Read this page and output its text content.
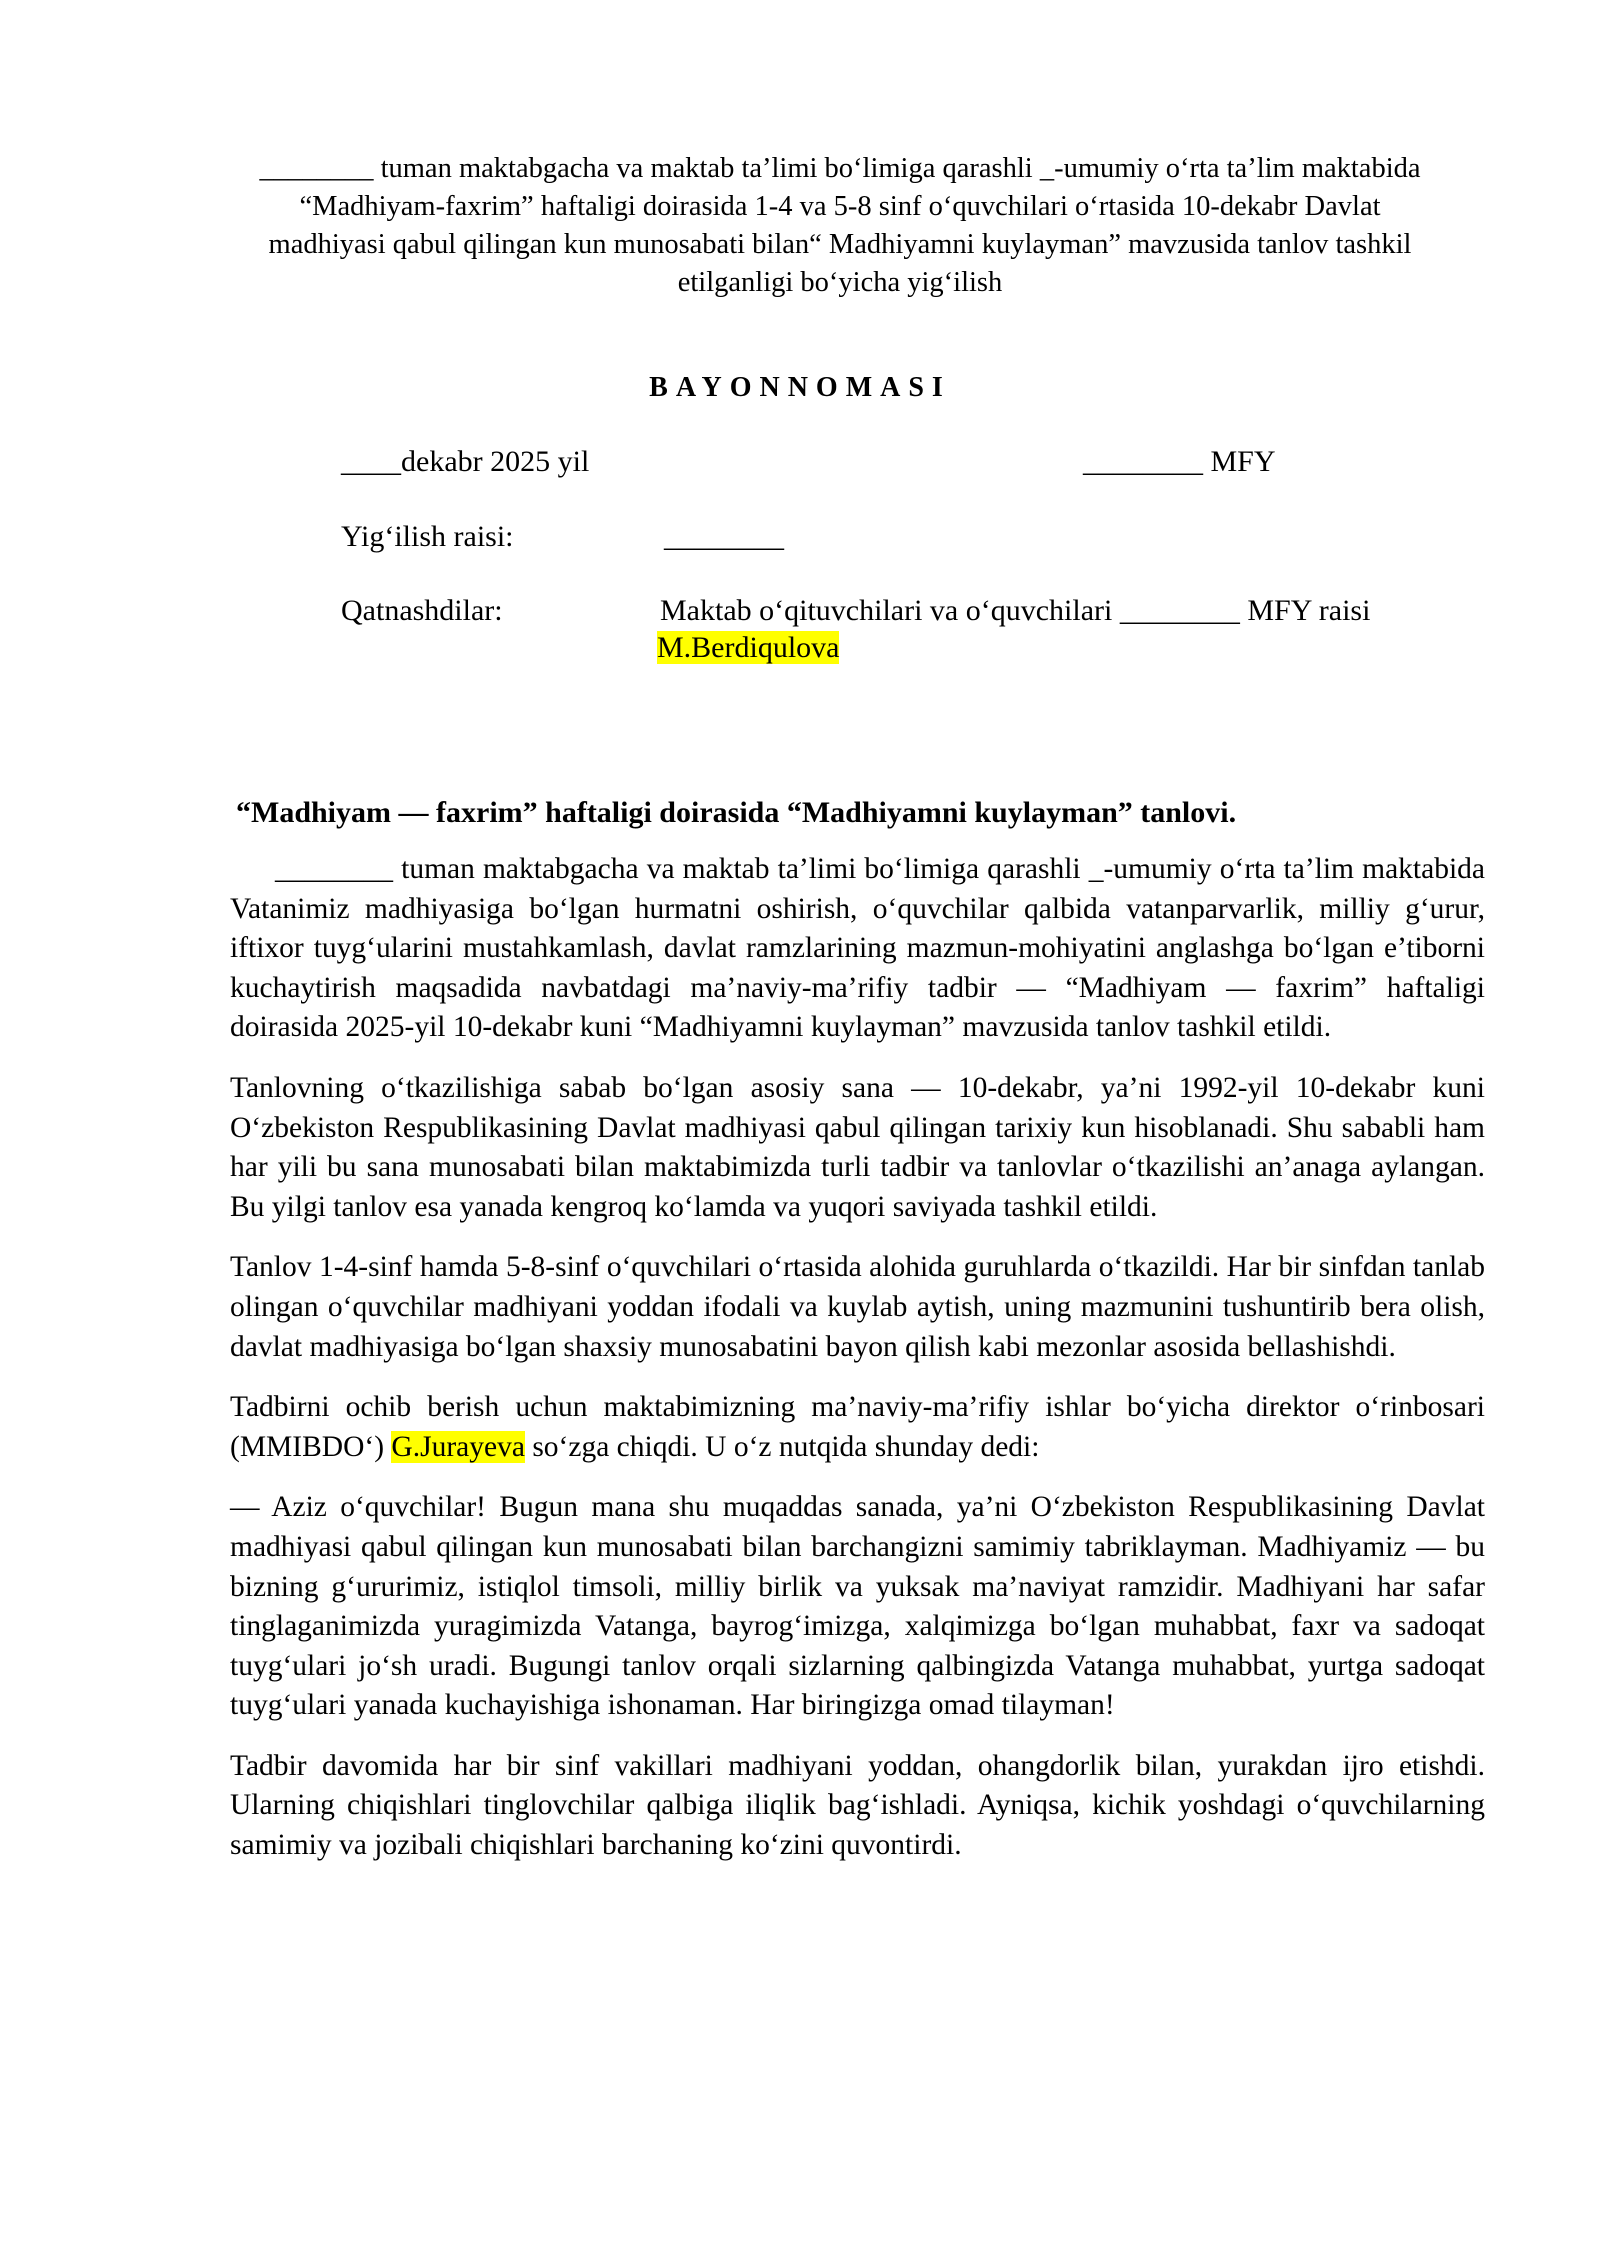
________ tuman maktabgacha va maktab ta’limi bo‘limiga qarashli _-umumiy o‘rta ta’lim maktabida “Madhiyam-faxrim” haftaligi doirasida 1-4 va 5-8 sinf o‘quvchilari o‘rtasida 10-dekabr Davlat madhiyasi qabul qilingan kun munosabati bilan“ Madhiyamni kuylayman” mavzusida tanlov tashkil etilganligi bo‘yicha yig‘ilish
BAYONNOMASI
____dekabr 2025 yil	________ MFY
Yig‘ilish raisi:	________
Qatnashdilar:	Maktab o‘qituvchilari va o‘quvchilari ________ MFY raisi
M.Berdiqulova
“Madhiyam — faxrim” haftaligi doirasida “Madhiyamni kuylayman” tanlovi.

________ tuman maktabgacha va maktab ta’limi bo‘limiga qarashli _-umumiy o‘rta ta’lim maktabida Vatanimiz madhiyasiga bo‘lgan hurmatni oshirish, o‘quvchilar qalbida vatanparvarlik, milliy g‘urur, iftixor tuyg‘ularini mustahkamlash, davlat ramzlarining mazmun-mohiyatini anglashga bo‘lgan e’tiborni kuchaytirish maqsadida navbatdagi ma’naviy-ma’rifiy tadbir — “Madhiyam — faxrim” haftaligi doirasida 2025-yil 10-dekabr kuni “Madhiyamni kuylayman” mavzusida tanlov tashkil etildi.

Tanlovning o‘tkazilishiga sabab bo‘lgan asosiy sana — 10-dekabr, ya’ni 1992-yil 10-dekabr kuni O‘zbekiston Respublikasining Davlat madhiyasi qabul qilingan tarixiy kun hisoblanadi. Shu sababli ham har yili bu sana munosabati bilan maktabimizda turli tadbir va tanlovlar o‘tkazilishi an’anaga aylangan. Bu yilgi tanlov esa yanada kengroq ko‘lamda va yuqori saviyada tashkil etildi.

Tanlov 1-4-sinf hamda 5-8-sinf o‘quvchilari o‘rtasida alohida guruhlarda o‘tkazildi. Har bir sinfdan tanlab olingan o‘quvchilar madhiyani yoddan ifodali va kuylab aytish, uning mazmunini tushuntirib bera olish, davlat madhiyasiga bo‘lgan shaxsiy munosabatini bayon qilish kabi mezonlar asosida bellashishdi.

Tadbirni ochib berish uchun maktabimizning ma’naviy-ma’rifiy ishlar bo‘yicha direktor o‘rinbosari (MMIBDO‘) G.Jurayeva so‘zga chiqdi. U o‘z nutqida shunday dedi:

— Aziz o‘quvchilar! Bugun mana shu muqaddas sanada, ya’ni O‘zbekiston Respublikasining Davlat madhiyasi qabul qilingan kun munosabati bilan barchangizni samimiy tabriklayman. Madhiyamiz — bu bizning g‘ururimiz, istiqlol timsoli, milliy birlik va yuksak ma’naviyat ramzidir. Madhiyani har safar tinglaganimizda yuragimizda Vatanga, bayrog‘imizga, xalqimizga bo‘lgan muhabbat, faxr va sadoqat tuyg‘ulari jo‘sh uradi. Bugungi tanlov orqali sizlarning qalbingizda Vatanga muhabbat, yurtga sadoqat tuyg‘ulari yanada kuchayishiga ishonaman. Har biringizga omad tilayman!

Tadbir davomida har bir sinf vakillari madhiyani yoddan, ohangdorlik bilan, yurakdan ijro etishdi. Ularning chiqishlari tinglovchilar qalbiga iliqlik bag‘ishladi. Ayniqsa, kichik yoshdagi o‘quvchilarning samimiy va jozibali chiqishlari barchaning ko‘zini quvontirdi.
